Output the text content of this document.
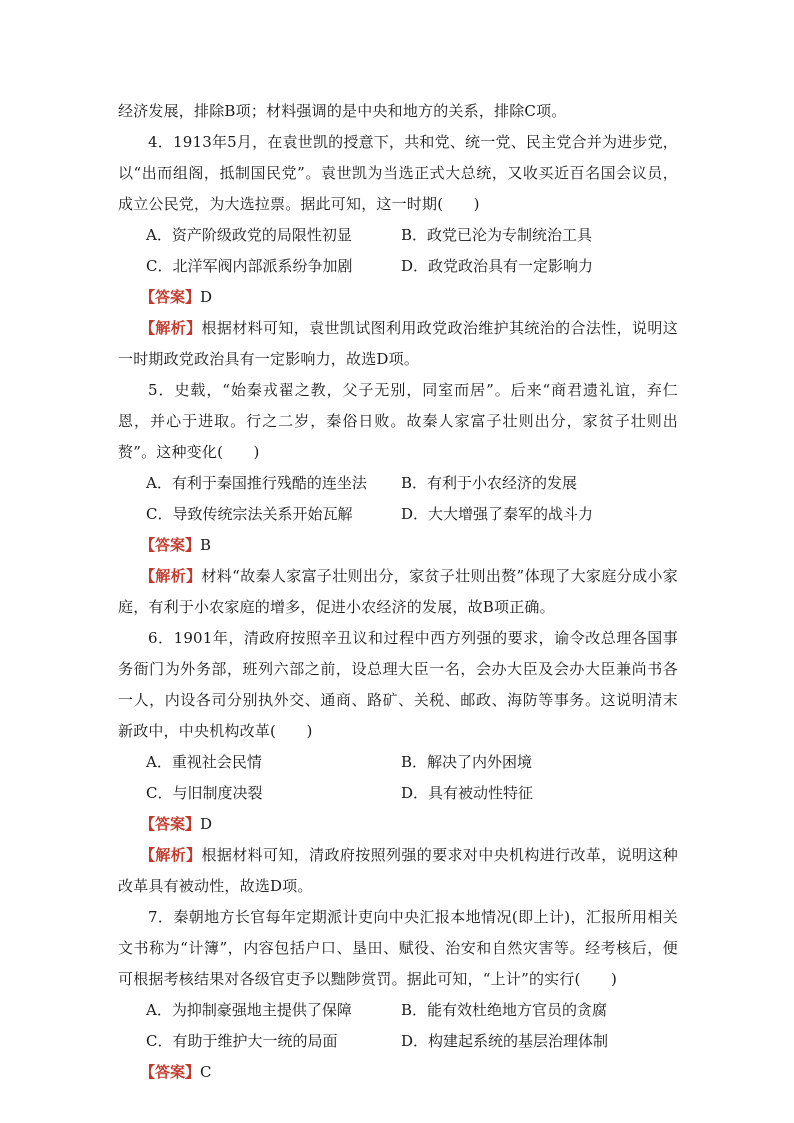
经济发展，排除B项；材料强调的是中央和地方的关系，排除C项。

4．1913年5月，在袁世凯的授意下，共和党、统一党、民主党合并为进步党，以“出而组阁，抵制国民党”。袁世凯为当选正式大总统，又收买近百名国会议员，成立公民党，为大选拉票。据此可知，这一时期(　　)

A．资产阶级政党的局限性初显	B．政党已沦为专制统治工具
C．北洋军阀内部派系纷争加剧	D．政党政治具有一定影响力

【答案】D

【解析】根据材料可知，袁世凯试图利用政党政治维护其统治的合法性，说明这一时期政党政治具有一定影响力，故选D项。

5．史载，“始秦戎翟之教，父子无别，同室而居”。后来“商君遗礼谊，弃仁恩，并心于进取。行之二岁，秦俗日败。故秦人家富子壮则出分，家贫子壮则出赘”。这种变化(　　)

A．有利于秦国推行残酷的连坐法	B．有利于小农经济的发展
C．导致传统宗法关系开始瓦解	D．大大增强了秦军的战斗力

【答案】B

【解析】材料“故秦人家富子壮则出分，家贫子壮则出赘”体现了大家庭分成小家庭，有利于小农家庭的增多，促进小农经济的发展，故B项正确。

6．1901年，清政府按照辛丑议和过程中西方列强的要求，谕令改总理各国事务衙门为外务部，班列六部之前，设总理大臣一名，会办大臣及会办大臣兼尚书各一人，内设各司分别执外交、通商、路矿、关税、邮政、海防等事务。这说明清末新政中，中央机构改革(　　)

A．重视社会民情	B．解决了内外困境
C．与旧制度决裂	D．具有被动性特征

【答案】D

【解析】根据材料可知，清政府按照列强的要求对中央机构进行改革，说明这种改革具有被动性，故选D项。

7．秦朝地方长官每年定期派计吏向中央汇报本地情况(即上计)，汇报所用相关文书称为“计簿”，内容包括户口、垦田、赋役、治安和自然灾害等。经考核后，便可根据考核结果对各级官吏予以黜陟赏罚。据此可知，“上计”的实行(　　)

A．为抑制豪强地主提供了保障	B．能有效杜绝地方官员的贪腐
C．有助于维护大一统的局面	D．构建起系统的基层治理体制

【答案】C
